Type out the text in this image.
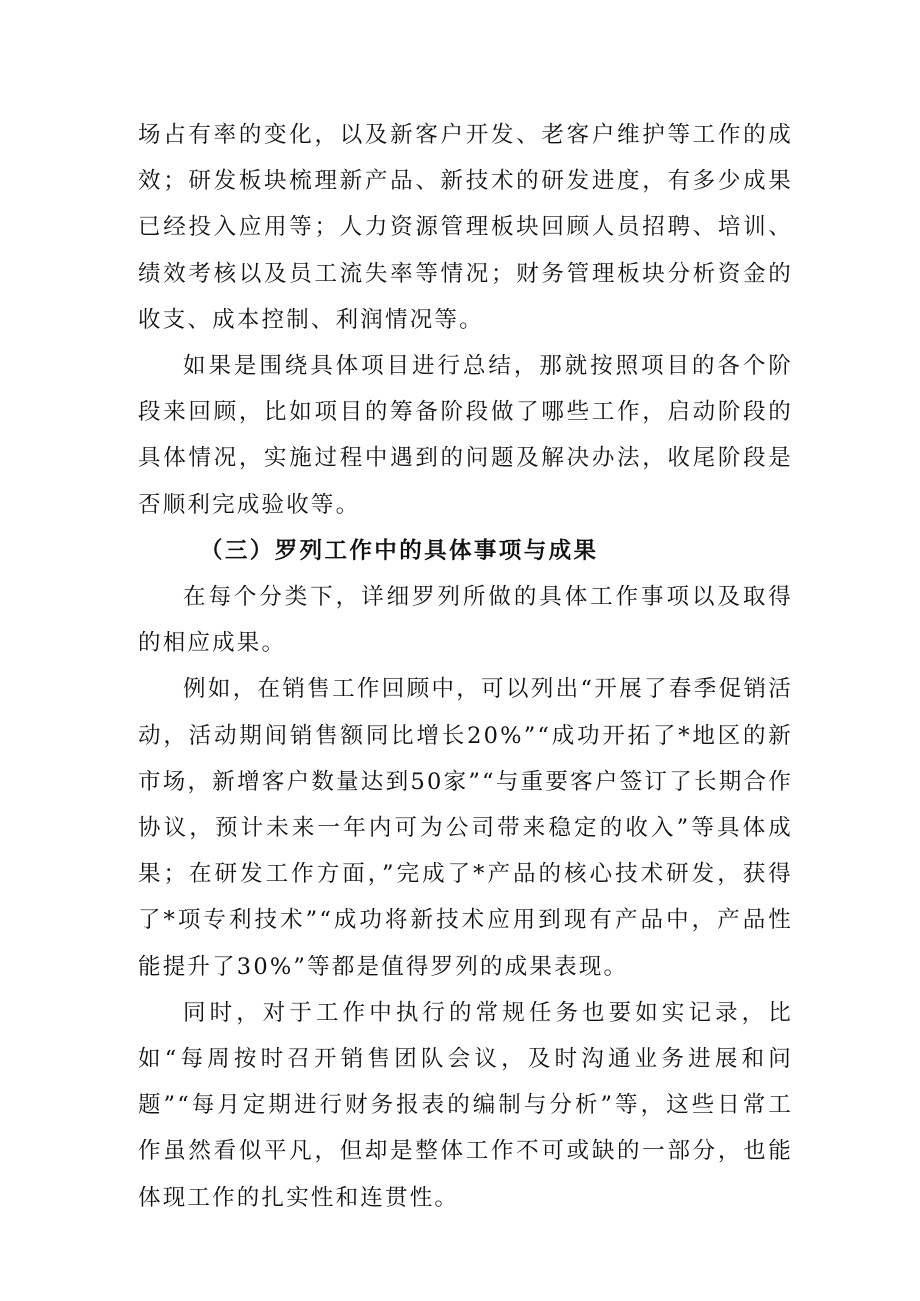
场占有率的变化，以及新客户开发、老客户维护等工作的成效；研发板块梳理新产品、新技术的研发进度，有多少成果已经投入应用等；人力资源管理板块回顾人员招聘、培训、绩效考核以及员工流失率等情况；财务管理板块分析资金的收支、成本控制、利润情况等。

如果是围绕具体项目进行总结，那就按照项目的各个阶段来回顾，比如项目的筹备阶段做了哪些工作，启动阶段的具体情况，实施过程中遇到的问题及解决办法，收尾阶段是否顺利完成验收等。

（三）罗列工作中的具体事项与成果

在每个分类下，详细罗列所做的具体工作事项以及取得的相应成果。

例如，在销售工作回顾中，可以列出“开展了春季促销活动，活动期间销售额同比增长20%”“成功开拓了*地区的新市场，新增客户数量达到50家”“与重要客户签订了长期合作协议，预计未来一年内可为公司带来稳定的收入”等具体成果；在研发工作方面，”完成了*产品的核心技术研发，获得了*项专利技术”“成功将新技术应用到现有产品中，产品性能提升了30%”等都是值得罗列的成果表现。

同时，对于工作中执行的常规任务也要如实记录，比如“每周按时召开销售团队会议，及时沟通业务进展和问题”“每月定期进行财务报表的编制与分析”等，这些日常工作虽然看似平凡，但却是整体工作不可或缺的一部分，也能体现工作的扎实性和连贯性。
